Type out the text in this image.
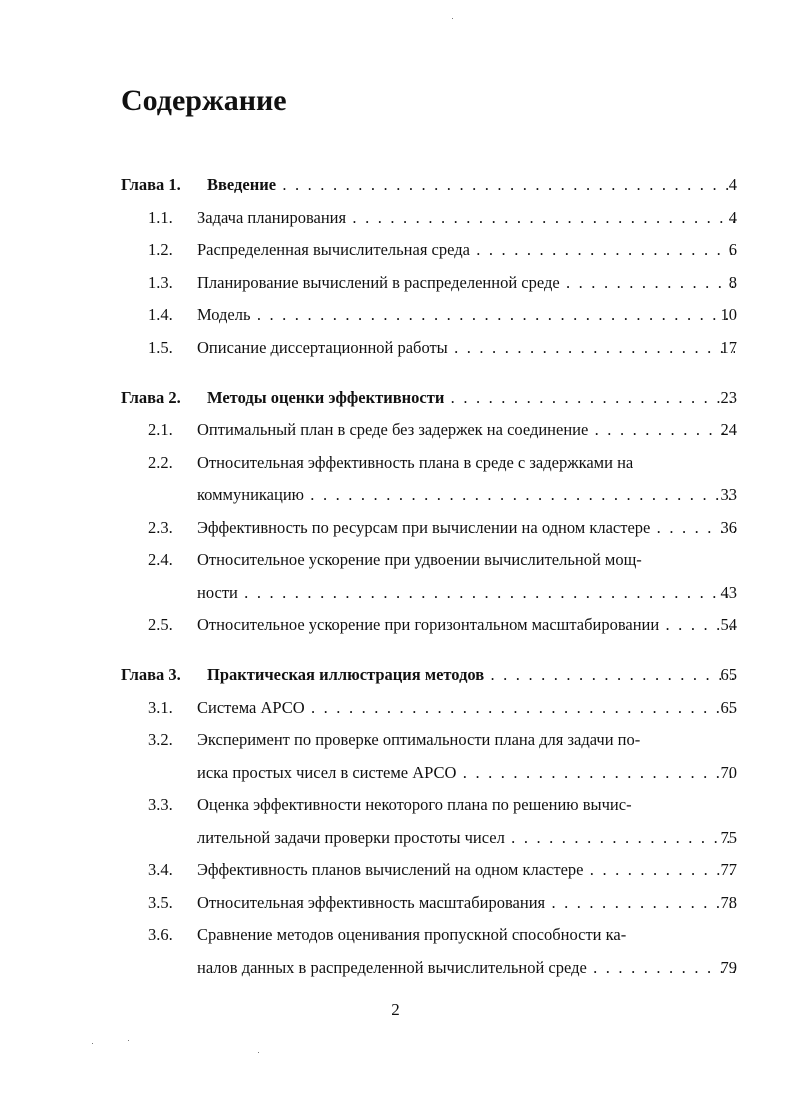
Содержание
Глава 1. Введение . . .	4
1.1. Задача планирования . . .	4
1.2. Распределенная вычислительная среда . . .	6
1.3. Планирование вычислений в распределенной среде . . .	8
1.4. Модель . . .	10
1.5. Описание диссертационной работы . . .	17
Глава 2. Методы оценки эффективности . . .	23
2.1. Оптимальный план в среде без задержек на соединение . . .	24
2.2. Относительная эффективность плана в среде с задержками на
коммуникацию . . .	33
2.3. Эффективность по ресурсам при вычислении на одном кластере . . .	36
2.4. Относительное ускорение при удвоении вычислительной мощ-
ности . . .	43
2.5. Относительное ускорение при горизонтальном масштабировании . . .	54
Глава 3. Практическая иллюстрация методов . . .	65
3.1. Система АРСО . . .	65
3.2. Эксперимент по проверке оптимальности плана для задачи по-
иска простых чисел в системе АРСО . . .	70
3.3. Оценка эффективности некоторого плана по решению вычис-
лительной задачи проверки простоты чисел . . .	75
3.4. Эффективность планов вычислений на одном кластере . . .	77
3.5. Относительная эффективность масштабирования . . .	78
3.6. Сравнение методов оценивания пропускной способности ка-
налов данных в распределенной вычислительной среде . . .	79
2
